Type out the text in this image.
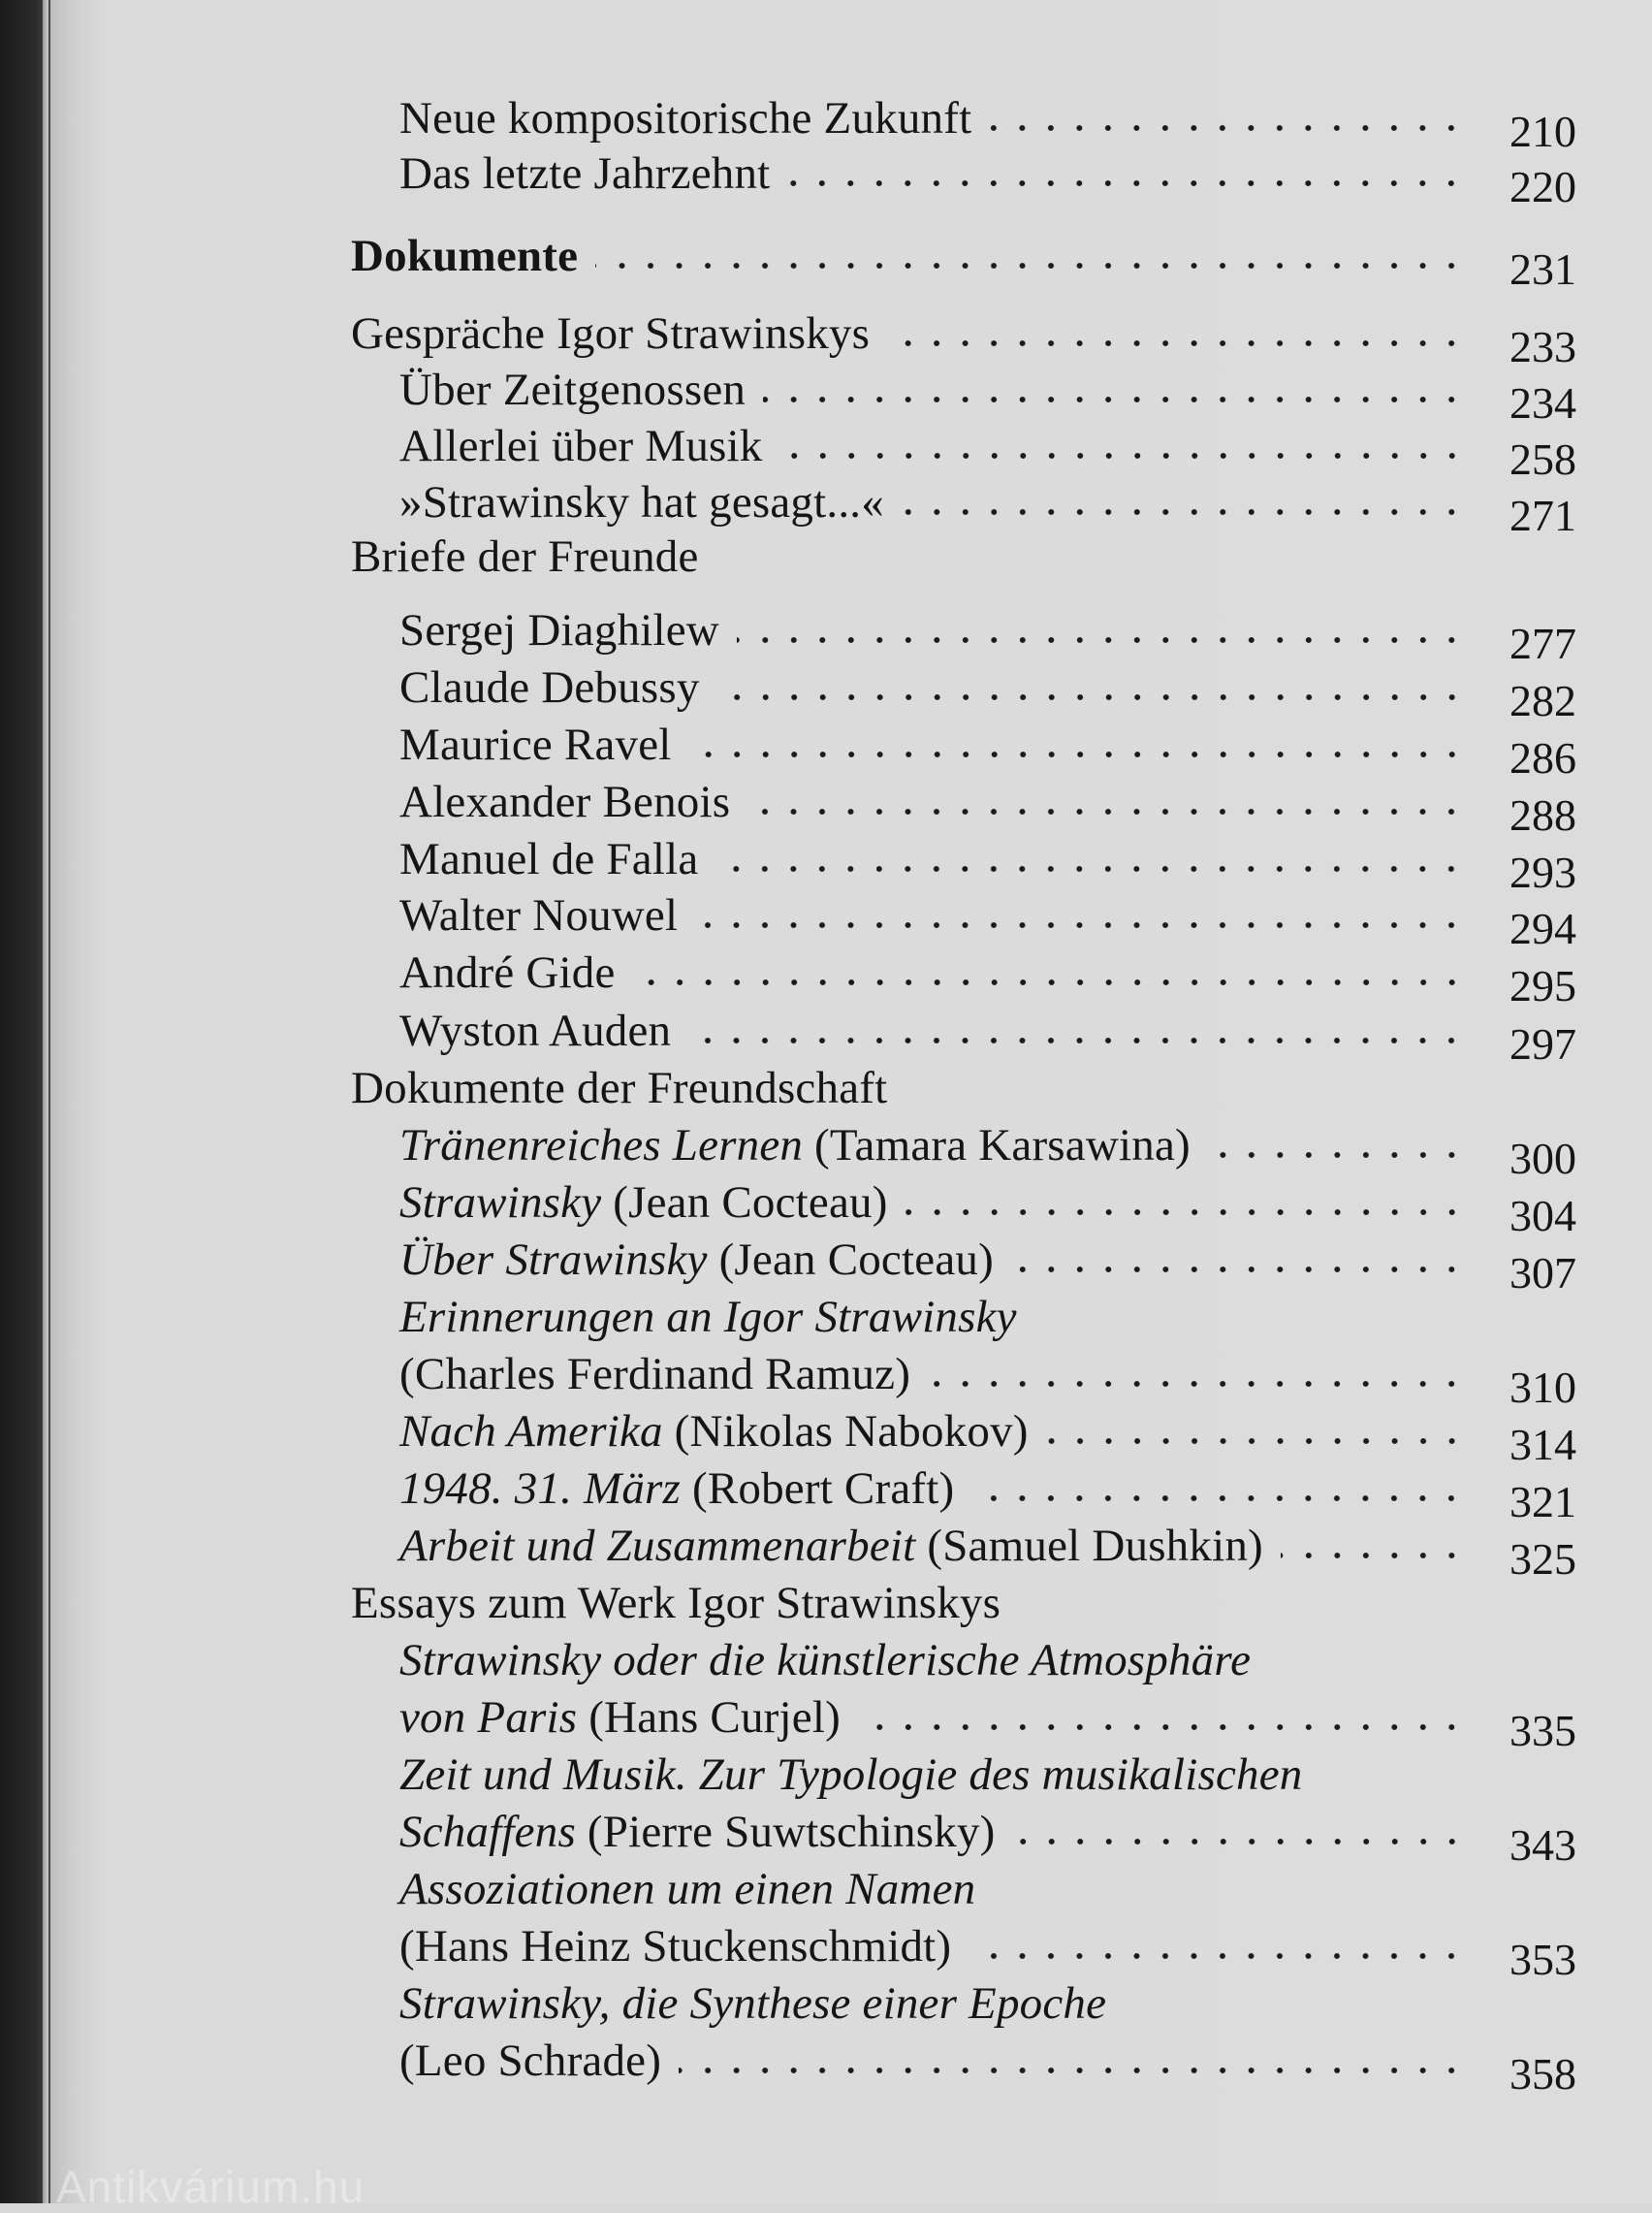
Neue kompositorische Zukunft	210
Das letzte Jahrzehnt	220
Dokumente	231
Gespräche Igor Strawinskys	233
Über Zeitgenossen	234
Allerlei über Musik	258
»Strawinsky hat gesagt...«	271
Briefe der Freunde
Sergej Diaghilew	277
Claude Debussy	282
Maurice Ravel	286
Alexander Benois	288
Manuel de Falla	293
Walter Nouwel	294
André Gide	295
Wyston Auden	297
Dokumente der Freundschaft
Tränenreiches Lernen (Tamara Karsawina)	300
Strawinsky (Jean Cocteau)	304
Über Strawinsky (Jean Cocteau)	307
Erinnerungen an Igor Strawinsky
(Charles Ferdinand Ramuz)	310
Nach Amerika (Nikolas Nabokov)	314
1948. 31. März (Robert Craft)	321
Arbeit und Zusammenarbeit (Samuel Dushkin)	325
Essays zum Werk Igor Strawinskys
Strawinsky oder die künstlerische Atmosphäre
von Paris (Hans Curjel)	335
Zeit und Musik. Zur Typologie des musikalischen
Schaffens (Pierre Suwtschinsky)	343
Assoziationen um einen Namen
(Hans Heinz Stuckenschmidt)	353
Strawinsky, die Synthese einer Epoche
(Leo Schrade)	358
Antikvárium.hu
